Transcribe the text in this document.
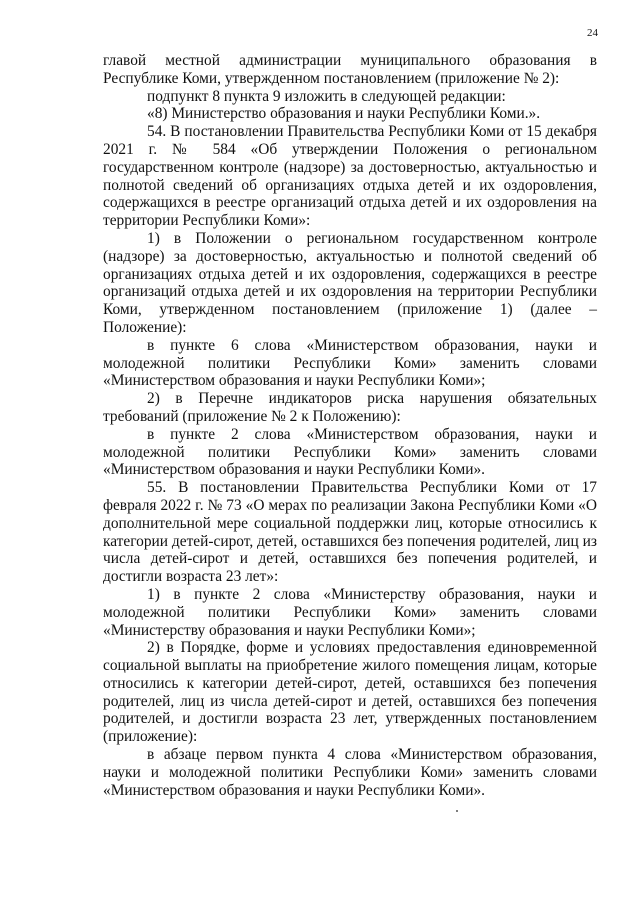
24

главой местной администрации муниципального образования в Республике Коми, утвержденном постановлением (приложение № 2):

подпункт 8 пункта 9 изложить в следующей редакции:

«8) Министерство образования и науки Республики Коми.».

54. В постановлении Правительства Республики Коми от 15 декабря 2021 г. № 584 «Об утверждении Положения о региональном государственном контроле (надзоре) за достоверностью, актуальностью и полнотой сведений об организациях отдыха детей и их оздоровления, содержащихся в реестре организаций отдыха детей и их оздоровления на территории Республики Коми»:

1) в Положении о региональном государственном контроле (надзоре) за достоверностью, актуальностью и полнотой сведений об организациях отдыха детей и их оздоровления, содержащихся в реестре организаций отдыха детей и их оздоровления на территории Республики Коми, утвержденном постановлением (приложение 1) (далее – Положение):

в пункте 6 слова «Министерством образования, науки и молодежной политики Республики Коми» заменить словами «Министерством образования и науки Республики Коми»;

2) в Перечне индикаторов риска нарушения обязательных требований (приложение № 2 к Положению):

в пункте 2 слова «Министерством образования, науки и молодежной политики Республики Коми» заменить словами «Министерством образования и науки Республики Коми».

55. В постановлении Правительства Республики Коми от 17 февраля 2022 г. № 73 «О мерах по реализации Закона Республики Коми «О дополнительной мере социальной поддержки лиц, которые относились к категории детей-сирот, детей, оставшихся без попечения родителей, лиц из числа детей-сирот и детей, оставшихся без попечения родителей, и достигли возраста 23 лет»:

1) в пункте 2 слова «Министерству образования, науки и молодежной политики Республики Коми» заменить словами «Министерству образования и науки Республики Коми»;

2) в Порядке, форме и условиях предоставления единовременной социальной выплаты на приобретение жилого помещения лицам, которые относились к категории детей-сирот, детей, оставшихся без попечения родителей, лиц из числа детей-сирот и детей, оставшихся без попечения родителей, и достигли возраста 23 лет, утвержденных постановлением (приложение):

в абзаце первом пункта 4 слова «Министерством образования, науки и молодежной политики Республики Коми» заменить словами «Министерством образования и науки Республики Коми».
